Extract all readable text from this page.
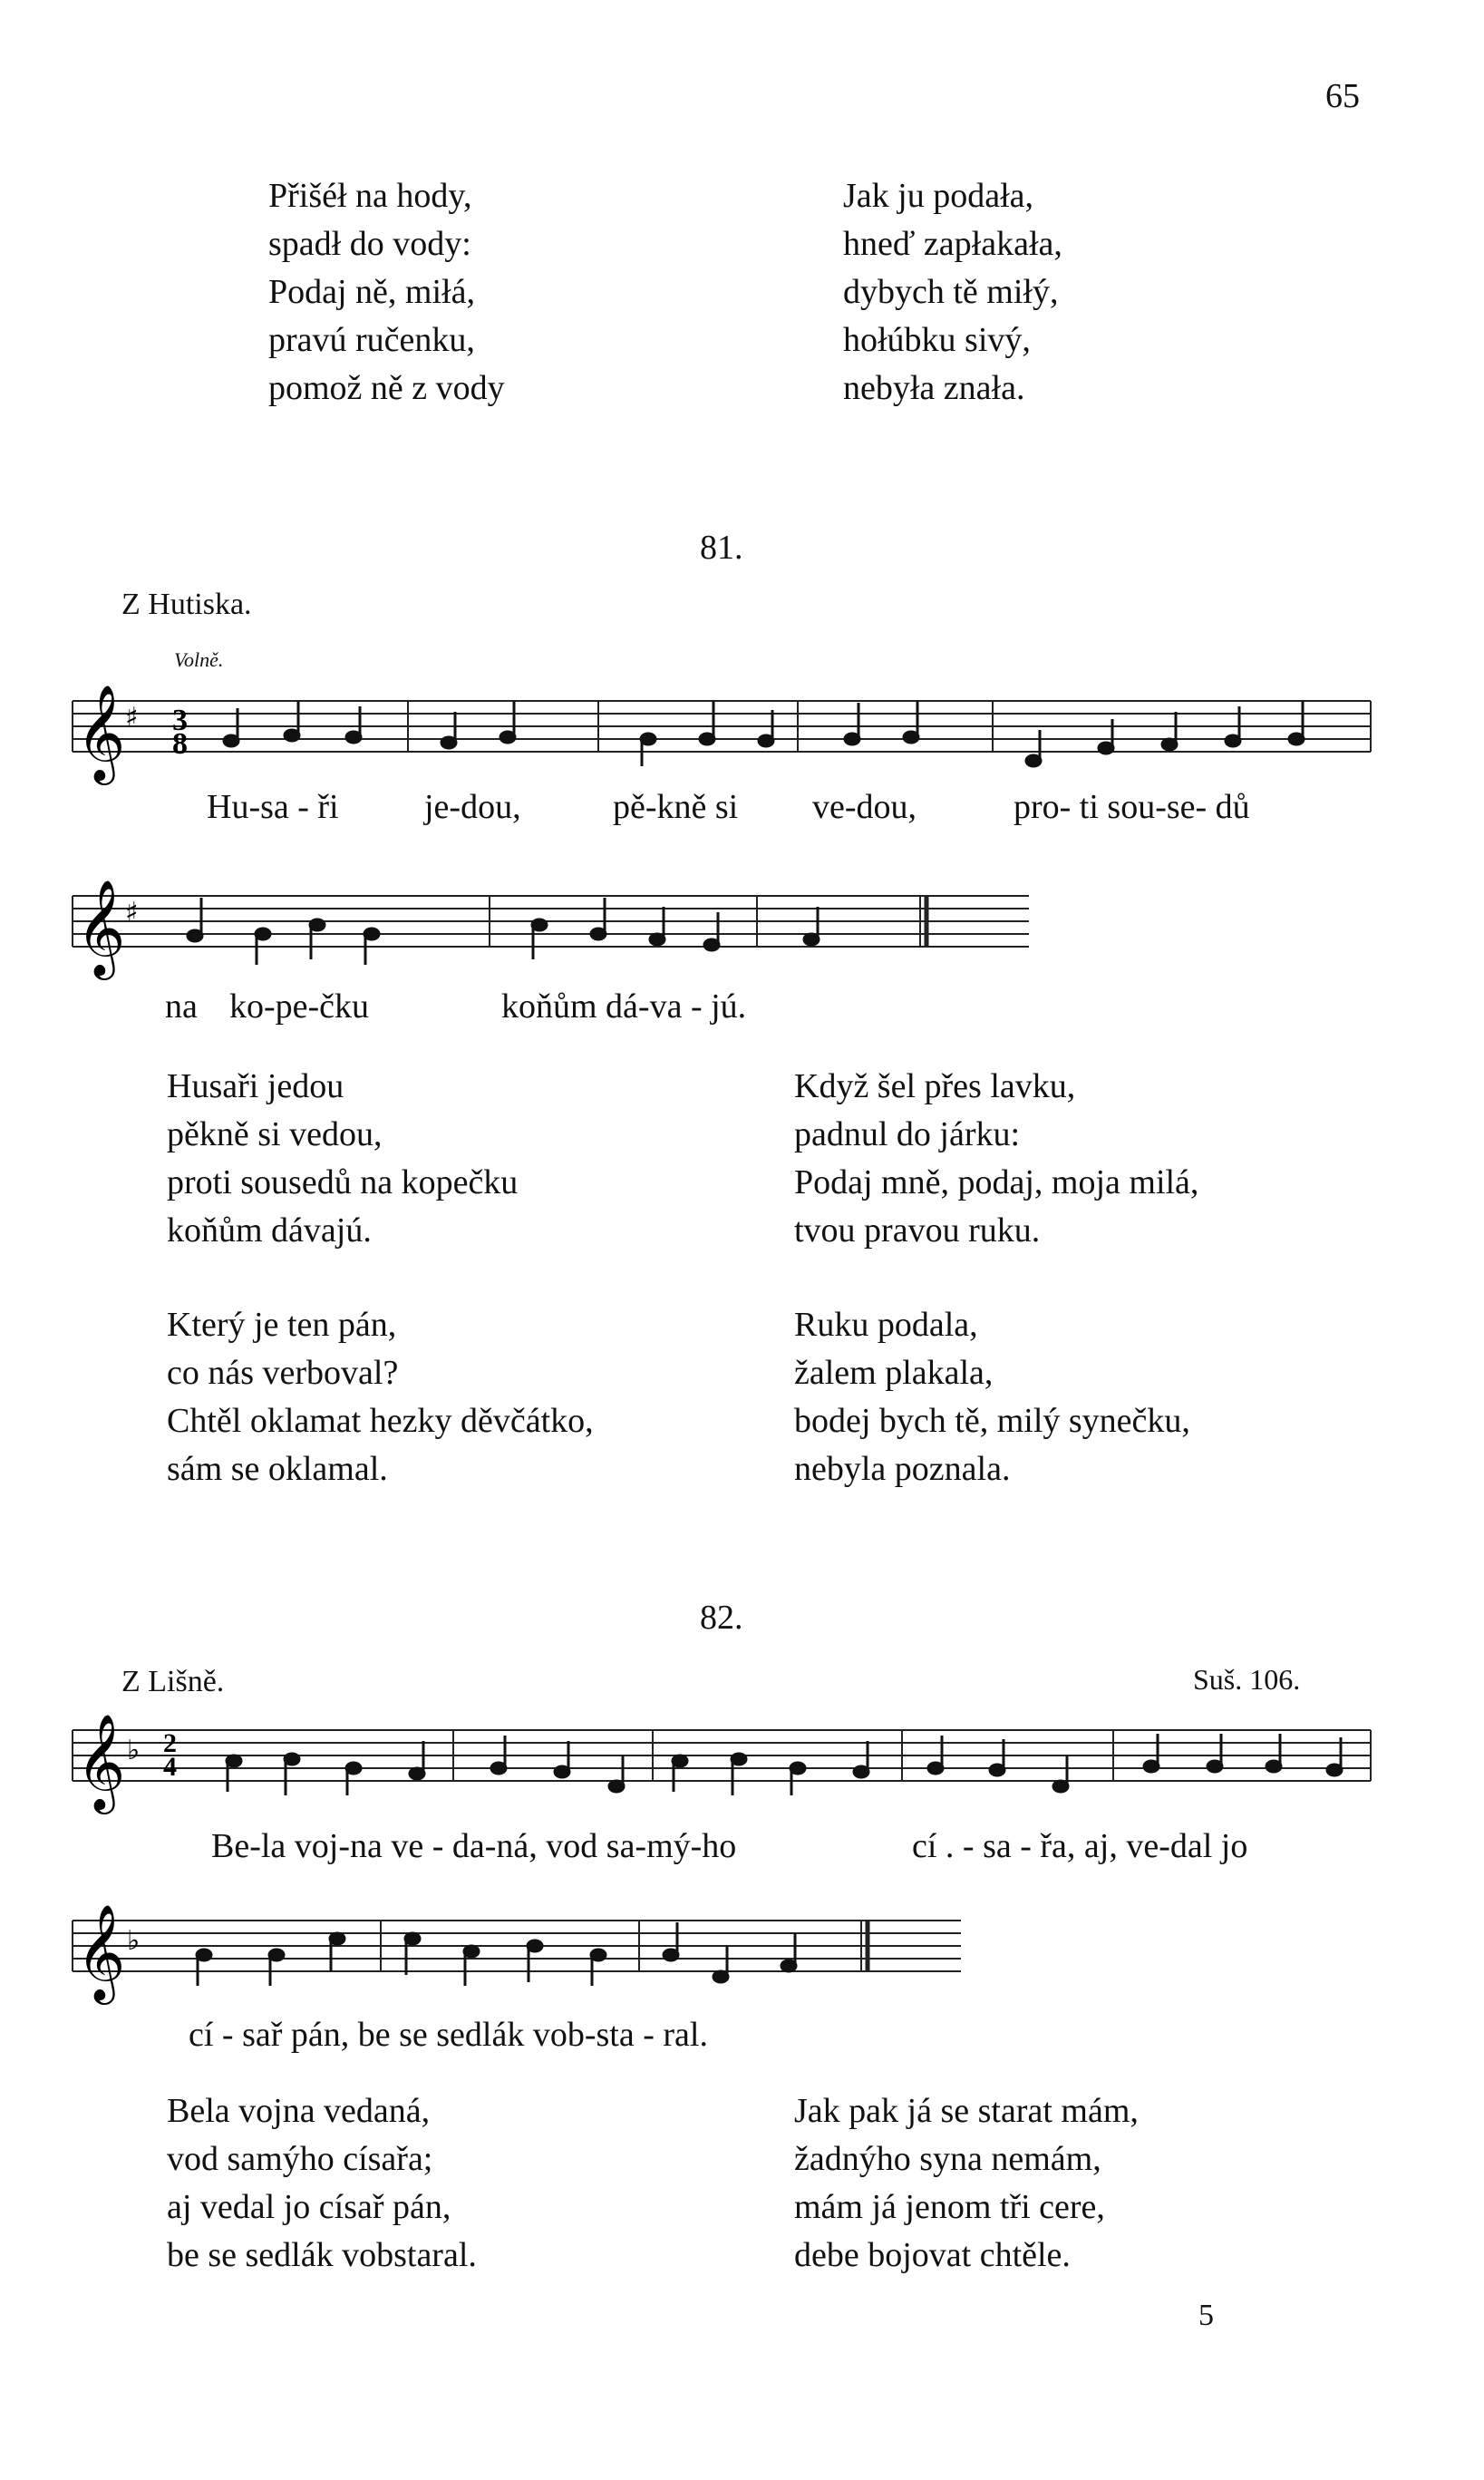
65
Přišéł na hody,
spadł do vody:
Podaj ně, miłá,
pravú ručenku,
pomož ně z vody
Jak ju podała,
hneď zapłakała,
dybych tě miłý,
hołúbku sivý,
nebyła znała.
81.
Z Hutiska.
Volně.
𝄞 ♯ 3
8
Hu-sa - ři je-dou,	pě-kně si ve-dou,	pro- ti sou-se- dů
𝄞 ♯
na ko-pe-čku	koňům dá-va - jú.
Husaři jedou
pěkně si vedou,
proti sousedů na kopečku
koňům dávajú.
Když šel přes lavku,
padnul do járku:
Podaj mně, podaj, moja milá,
tvou pravou ruku.
Který je ten pán,
co nás verboval?
Chtěl oklamat hezky děvčátko,
sám se oklamal.
Ruku podala,
žalem plakala,
bodej bych tě, milý synečku,
nebyla poznala.
82.
Z Lišně.	Suš. 106.
𝄞 ♭ 2
4
Be-la voj-na ve - da-ná, vod sa-mý-ho	cí . - sa - řa, aj, ve-dal jo
𝄞 ♭
cí - sař pán, be se sedlák vob-sta - ral.
Bela vojna vedaná,
vod samýho císařa;
aj vedal jo císař pán,
be se sedlák vobstaral.
Jak pak já se starat mám,
žadnýho syna nemám,
mám já jenom tři cere,
debe bojovat chtěle.
5
